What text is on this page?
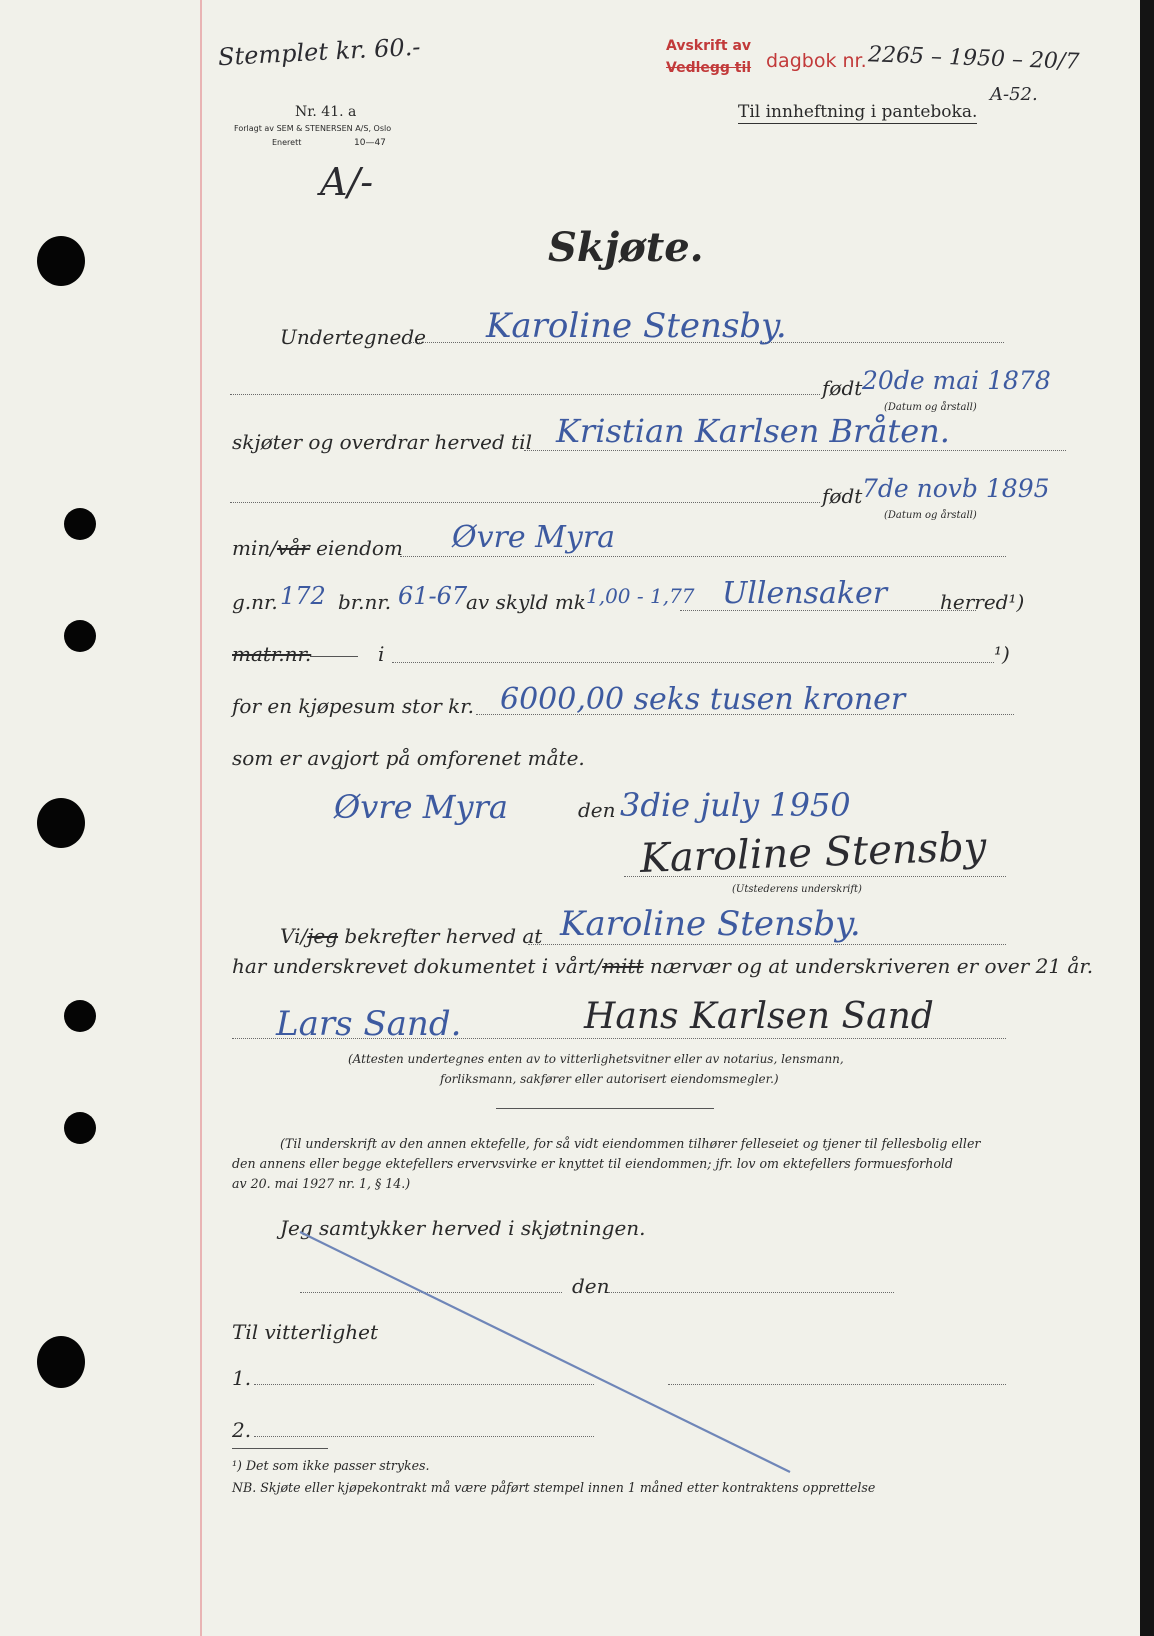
Stemplet kr. 60.-	Avskrift av
Vedlegg til dagbok nr. 2265 – 1950 – 20/7
A-52.
Nr. 41. a
Forlagt av SEM & STENERSEN A/S, Oslo
Enerett	10—47
Til innheftning i panteboka.
A/-
Skjøte.
Undertegnede Karoline Stensby.
født 20de mai 1878
(Datum og årstall)
skjøter og overdrar herved til Kristian Karlsen Bråten.
født 7de novb 1895
(Datum og årstall)
min/vår eiendom Øvre Myra
g.nr. 172 br.nr. 61-67
av skyld mk 1,00 - 1,77 Ullensaker	herred¹)
matr.nr.	i	¹)
for en kjøpesum stor kr. 6000,00 seks tusen kroner
som er avgjort på omforenet måte.
Øvre Myra	den 3die july 1950
Karoline Stensby
(Utstederens underskrift)
Vi/jeg bekrefter herved at Karoline Stensby.
har underskrevet dokumentet i vårt/mitt nærvær og at underskriveren er over 21 år.
Lars Sand.	Hans Karlsen Sand
(Attesten undertegnes enten av to vitterlighetsvitner eller av notarius, lensmann,
forliksmann, sakfører eller autorisert eiendomsmegler.)
(Til underskrift av den annen ektefelle, for så vidt eiendommen tilhører felleseiet og tjener til fellesbolig eller
den annens eller begge ektefellers ervervsvirke er knyttet til eiendommen; jfr. lov om ektefellers formuesforhold
av 20. mai 1927 nr. 1, § 14.)
Jeg samtykker herved i skjøtningen.
den
Til vitterlighet
1.
2.
¹) Det som ikke passer strykes.
NB. Skjøte eller kjøpekontrakt må være påført stempel innen 1 måned etter kontraktens opprettelse
